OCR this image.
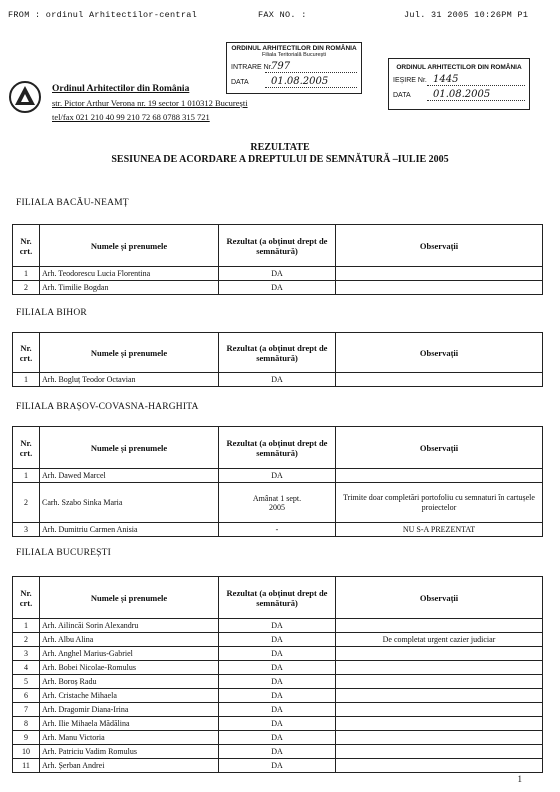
FROM : ordinul Arhitectilor-central	FAX NO. :	Jul. 31 2005 10:26PM P1
ORDINUL ARHITECTILOR DIN ROMÂNIA
Filiala Teritorială București
INTRARE Nr.
797
DATA	01.08.2005
ORDINUL ARHITECTILOR DIN ROMÂNIA
IEȘIRE Nr. 1445
DATA	01.08.2005
Ordinul Arhitectilor din România
str. Pictor Arthur Verona nr. 19 sector 1 010312 București
tel/fax 021 210 40 99 210 72 68 0788 315 721
REZULTATE
SESIUNEA DE ACORDARE A DREPTULUI DE SEMNĂTURĂ –IULIE 2005
FILIALA BACĂU-NEAMȚ
Nr. crt.	Numele și prenumele	Rezultat (a obținut drept de semnătură)	Observații
1	Arh. Teodorescu Lucia Florentina	DA	
2	Arh. Timilie Bogdan	DA	
FILIALA BIHOR
Nr. crt.	Numele și prenumele	Rezultat (a obținut drept de semnătură)	Observații
1	Arh. Bogluț Teodor Octavian	DA	
FILIALA BRAȘOV-COVASNA-HARGHITA
Nr. crt.	Numele și prenumele	Rezultat (a obținut drept de semnătură)	Observații
1	Arh. Dawed Marcel	DA	
2	Carh. Szabo Sinka Maria	Amânat 1 sept. 2005	Trimite doar completări portofoliu cu semnaturi în cartușele proiectelor
3	Arh. Dumitriu Carmen Anisia	-	NU S-A PREZENTAT
FILIALA BUCUREȘTI
Nr. crt.	Numele și prenumele	Rezultat (a obținut drept de semnătură)	Observații
1	Arh. Ailincăi Sorin Alexandru	DA	
2	Arh. Albu Alina	DA	De completat urgent cazier judiciar
3	Arh. Anghel Marius-Gabriel	DA	
4	Arh. Bobei Nicolae-Romulus	DA	
5	Arh. Boroș Radu	DA	
6	Arh. Cristache Mihaela	DA	
7	Arh. Dragomir Diana-Irina	DA	
8	Arh. Ilie Mihaela Mădălina	DA	
9	Arh. Manu Victoria	DA	
10	Arh. Patriciu Vadim Romulus	DA	
11	Arh. Șerban Andrei	DA	
1
